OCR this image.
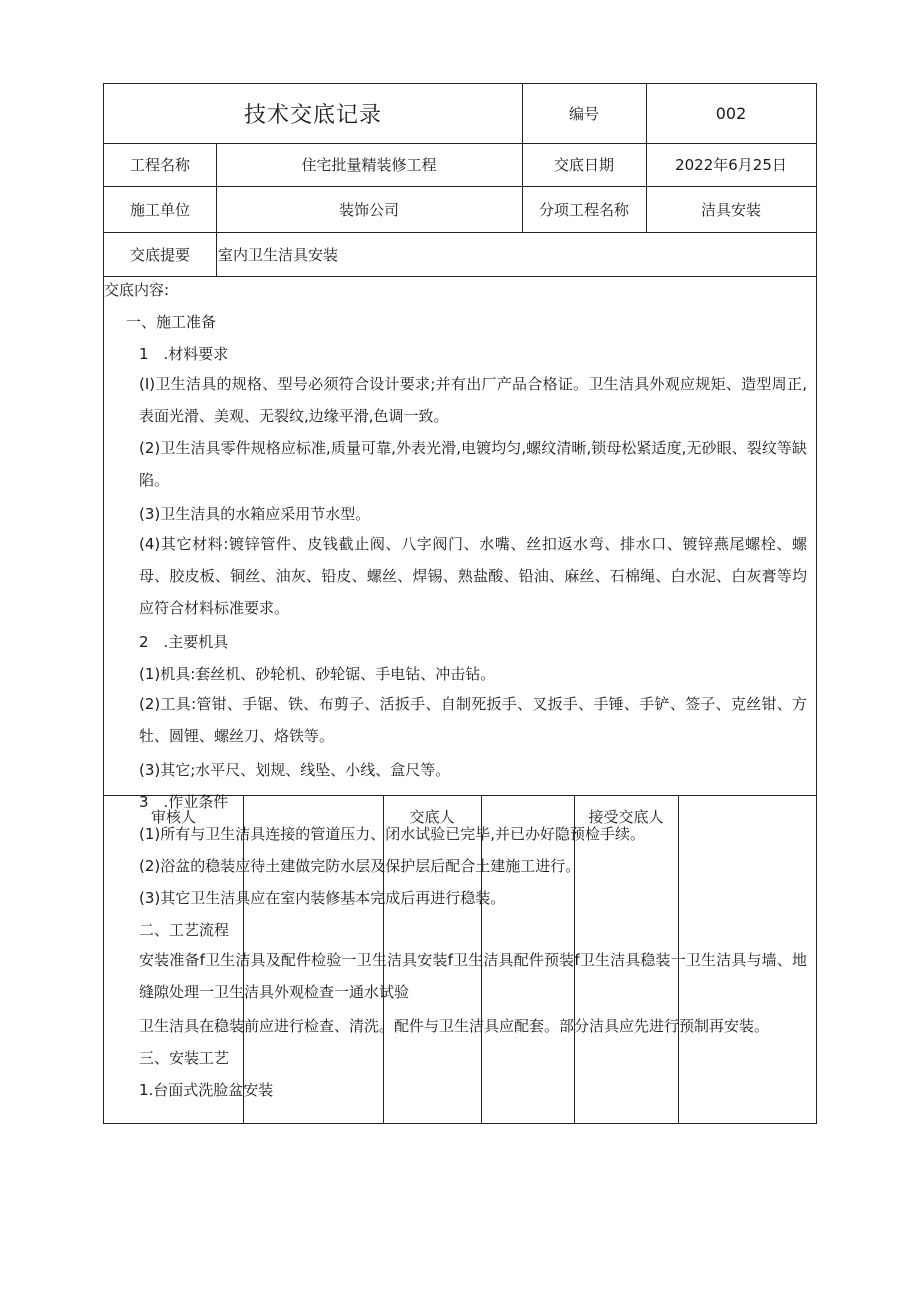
技术交底记录	编号	002
工程名称	住宅批量精装修工程	交底日期	2022年6月25日
施工单位	装饰公司	分项工程名称	洁具安装
交底提要	室内卫生洁具安装
交底内容:
一、施工准备
1　.材料要求
(I)卫生洁具的规格、型号必须符合设计要求;并有出厂产品合格证。卫生洁具外观应规矩、造型周正,表面光滑、美观、无裂纹,边缘平滑,色调一致。
(2)卫生洁具零件规格应标准,质量可靠,外表光滑,电镀均匀,螺纹清晰,锁母松紧适度,无砂眼、裂纹等缺陷。
(3)卫生洁具的水箱应采用节水型。
(4)其它材料:镀锌管件、皮钱截止阀、八字阀门、水嘴、丝扣返水弯、排水口、镀锌燕尾螺栓、螺母、胶皮板、铜丝、油灰、铅皮、螺丝、焊锡、熟盐酸、铅油、麻丝、石棉绳、白水泥、白灰膏等均应符合材料标准要求。
2　.主要机具
(1)机具:套丝机、砂轮机、砂轮锯、手电钻、冲击钻。
(2)工具:管钳、手锯、铁、布剪子、活扳手、自制死扳手、叉扳手、手锤、手铲、签子、克丝钳、方牡、圆锂、螺丝刀、烙铁等。
(3)其它;水平尺、划规、线坠、小线、盒尺等。
3　.作业条件
(1)所有与卫生洁具连接的管道压力、闭水试验已完毕,并已办好隐预检手续。
(2)浴盆的稳装应待土建做完防水层及保护层后配合土建施工进行。
(3)其它卫生洁具应在室内装修基本完成后再进行稳装。
二、工艺流程
安装准备f卫生洁具及配件检验一卫生洁具安装f卫生洁具配件预装f卫生洁具稳装一卫生洁具与墙、地缝隙处理一卫生洁具外观检查一通水试验
卫生洁具在稳装前应进行检查、清洗。配件与卫生洁具应配套。部分洁具应先进行预制再安装。
三、安装工艺
1.台面式洗脸盆安装
审核人	交底人	接受交底人
